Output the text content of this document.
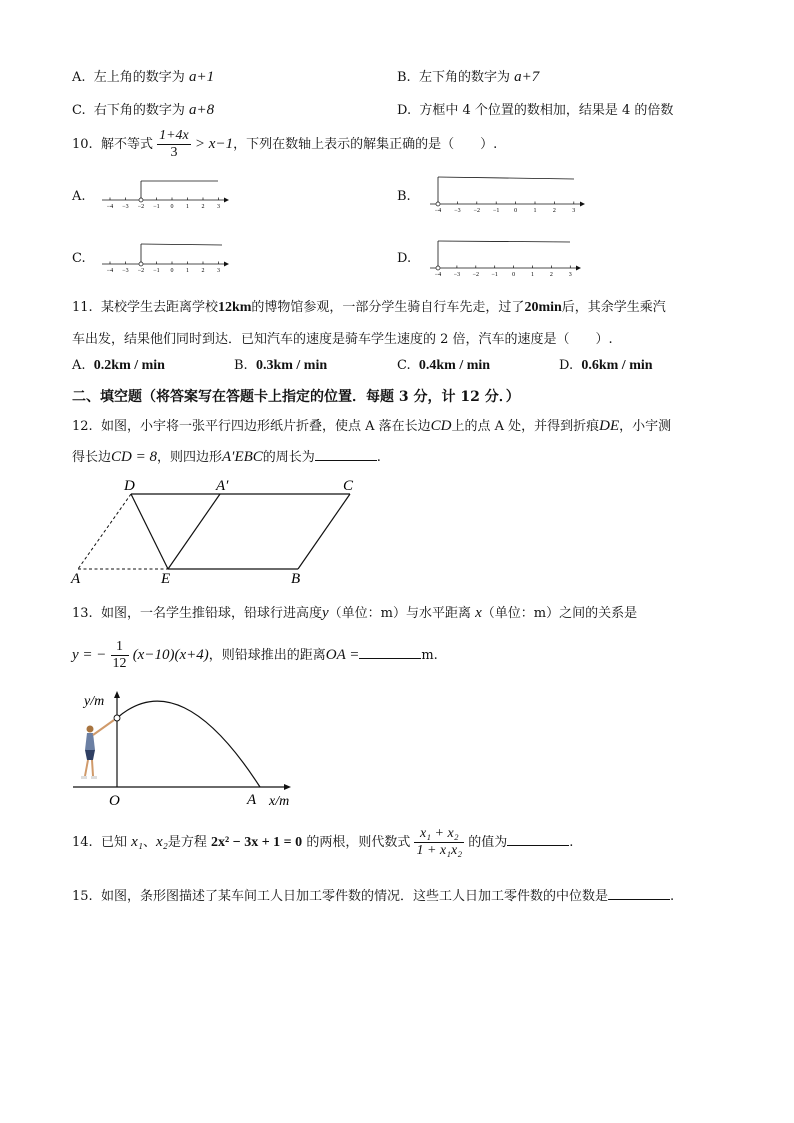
A. 左上角的数字为 a+1	B. 左下角的数字为 a+7
C. 右下角的数字为 a+8	D. 方框中 4 个位置的数相加，结果是 4 的倍数
10. 解不等式 $\frac{1+4x}{3} > x-1$，下列在数轴上表示的解集正确的是（　　）.
A.	B.
C.	D.
−4 −3 −2 −1 0 1 2 3
−4 −3 −2 −1 0	1	2	3
−4 −3 −2 −1 0 1 2 3
−4 −3 −2 −1 0	1	2	3
11. 某校学生去距离学校12km的博物馆参观，一部分学生骑自行车先走，过了20min后，其余学生乘汽
车出发，结果他们同时到达．已知汽车的速度是骑车学生速度的 2 倍，汽车的速度是（　　）.
A. 0.2km / min	B. 0.3km / min	C. 0.4km / min	D. 0.6km / min
二、填空题（将答案写在答题卡上指定的位置．每题 3 分，计 12 分．）
12. 如图，小宇将一张平行四边形纸片折叠，使点 A 落在长边CD上的点 A 处，并得到折痕DE，小宇测
得长边CD = 8，则四边形A′EBC的周长为	.
D	A′	C
A	E	B
13. 如图，一名学生推铅球，铅球行进高度y（单位：m）与水平距离 x（单位：m）之间的关系是
y = − $\frac{1}{12} (x-10)(x+4)$，则铅球推出的距离OA =	m.
y/m
x/m
O	A
14. 已知 x₁、x₂是方程 2x² − 3x + 1 = 0 的两根，则代数式 $\frac{\text{x₁ + x₂}}{\text{1 + x₁x₂}}$ 的值为	.
15. 如图，条形图描述了某车间工人日加工零件数的情况．这些工人日加工零件数的中位数是	.
